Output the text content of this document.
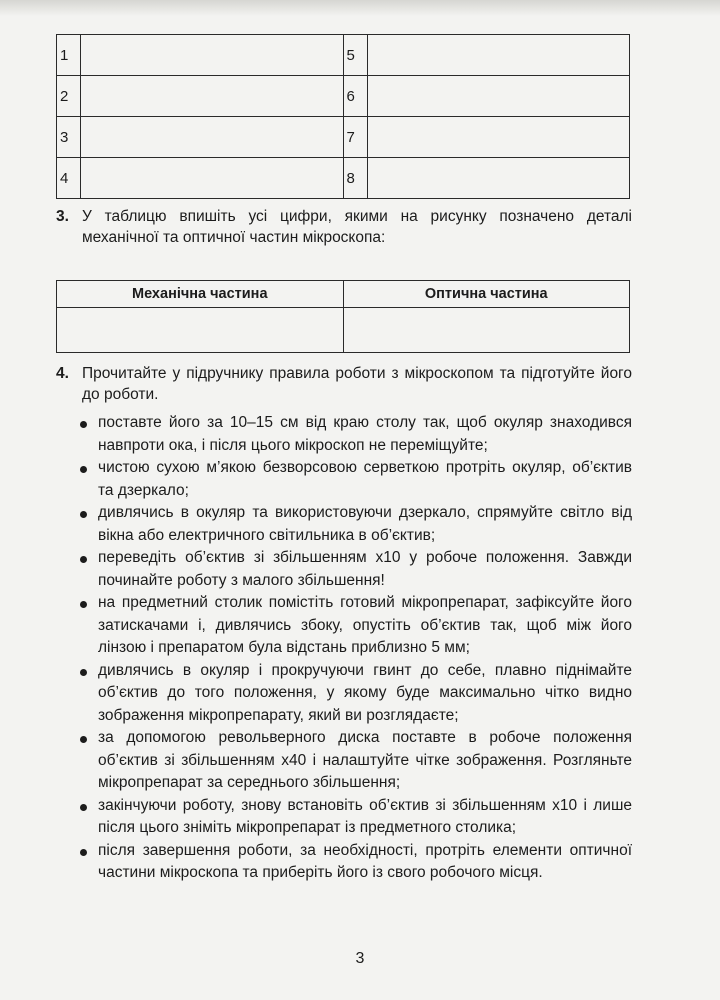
1		5	
2		6	
3		7	
4		8	
3. У таблицю впишіть усі цифри, якими на рисунку позначено деталі механічної та оптичної частин мікроскопа:
Механічна частина	Оптична частина

4. Прочитайте у підручнику правила роботи з мікроскопом та підготуйте його до роботи.
поставте його за 10–15 см від краю столу так, щоб окуляр знаходився навпроти ока, і після цього мікроскоп не переміщуйте;
чистою сухою м’якою безворсовою серветкою протріть окуляр, об’єктив та дзеркало;
дивлячись в окуляр та використовуючи дзеркало, спрямуйте світло від вікна або електричного світильника в об’єктив;
переведіть об’єктив зі збільшенням х10 у робоче положення. Завжди починайте роботу з малого збільшення!
на предметний столик помістіть готовий мікропрепарат, зафіксуйте його затискачами і, дивлячись збоку, опустіть об’єктив так, щоб між його лінзою і препаратом була відстань приблизно 5 мм;
дивлячись в окуляр і прокручуючи гвинт до себе, плавно піднімайте об’єктив до того положення, у якому буде максимально чітко видно зображення мікропрепарату, який ви розглядаєте;
за допомогою револьверного диска поставте в робоче положення об’єктив зі збільшенням х40 і налаштуйте чітке зображення. Розгляньте мікропрепарат за середнього збільшення;
закінчуючи роботу, знову встановіть об’єктив зі збільшенням х10 і лише після цього зніміть мікропрепарат із предметного столика;
після завершення роботи, за необхідності, протріть елементи оптичної частини мікроскопа та приберіть його із свого робочого місця.
3
